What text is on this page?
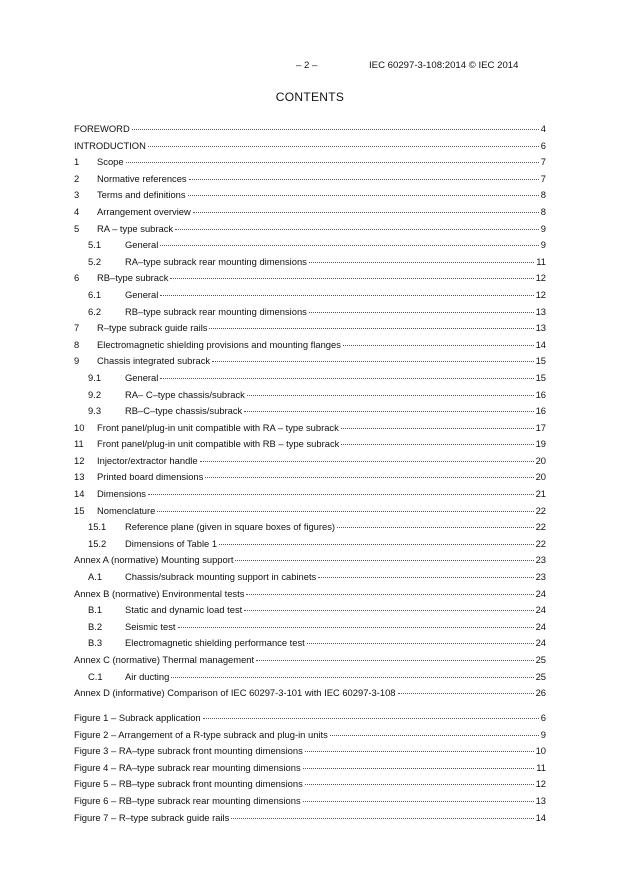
– 2 –	IEC 60297-3-108:2014 © IEC 2014
CONTENTS
FOREWORD	4
INTRODUCTION	6
1	Scope	7
2	Normative references	7
3	Terms and definitions	8
4	Arrangement overview	8
5	RA – type subrack	9
5.1	General	9
5.2	RA–type subrack rear mounting dimensions	11
6	RB–type subrack	12
6.1	General	12
6.2	RB–type subrack rear mounting dimensions	13
7	R–type subrack guide rails	13
8	Electromagnetic shielding provisions and mounting flanges	14
9	Chassis integrated subrack	15
9.1	General	15
9.2	RA– C–type chassis/subrack	16
9.3	RB–C–type chassis/subrack	16
10	Front panel/plug-in unit compatible with RA – type subrack	17
11	Front panel/plug-in unit compatible with RB – type subrack	19
12	Injector/extractor handle	20
13	Printed board dimensions	20
14	Dimensions	21
15	Nomenclature	22
15.1	Reference plane (given in square boxes of figures)	22
15.2	Dimensions of Table 1	22
Annex A (normative) Mounting support	23
A.1	Chassis/subrack mounting support in cabinets	23
Annex B (normative) Environmental tests	24
B.1	Static and dynamic load test	24
B.2	Seismic test	24
B.3	Electromagnetic shielding performance test	24
Annex C (normative) Thermal management	25
C.1	Air ducting	25
Annex D (informative) Comparison of IEC 60297-3-101 with IEC 60297-3-108	26
Figure 1 – Subrack application	6
Figure 2 – Arrangement of a R-type subrack and plug-in units	9
Figure 3 – RA–type subrack front mounting dimensions	10
Figure 4 – RA–type subrack rear mounting dimensions	11
Figure 5 – RB–type subrack front mounting dimensions	12
Figure 6 – RB–type subrack rear mounting dimensions	13
Figure 7 – R–type subrack guide rails	14
